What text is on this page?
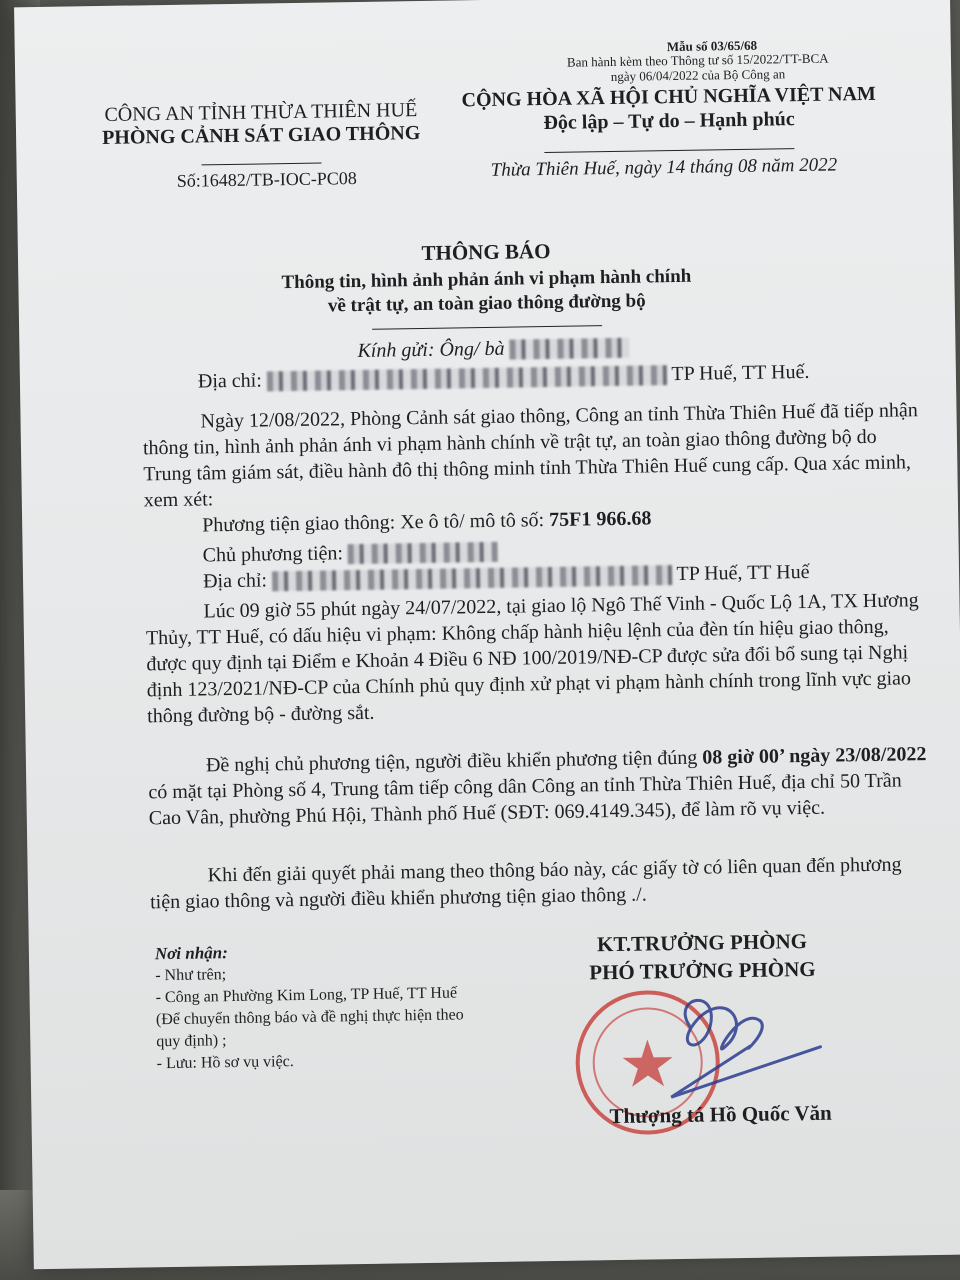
Mẫu số 03/65/68
Ban hành kèm theo Thông tư số 15/2022/TT-BCA
ngày 06/04/2022 của Bộ Công an
CÔNG AN TỈNH THỪA THIÊN HUẾ
PHÒNG CẢNH SÁT GIAO THÔNG
CỘNG HÒA XÃ HỘI CHỦ NGHĨA VIỆT NAM
Độc lập – Tự do – Hạnh phúc
Số:16482/TB-IOC-PC08	Thừa Thiên Huế, ngày 14 tháng 08 năm 2022
THÔNG BÁO
Thông tin, hình ảnh phản ánh vi phạm hành chính
về trật tự, an toàn giao thông đường bộ
Kính gửi: Ông/ bà
Địa chỉ:	TP Huế, TT Huế.
Ngày 12/08/2022, Phòng Cảnh sát giao thông, Công an tỉnh Thừa Thiên Huế đã tiếp nhận thông tin, hình ảnh phản ánh vi phạm hành chính về trật tự, an toàn giao thông đường bộ do Trung tâm giám sát, điều hành đô thị thông minh tỉnh Thừa Thiên Huế cung cấp. Qua xác minh, xem xét:
Phương tiện giao thông: Xe ô tô/ mô tô số: 75F1 966.68
Chủ phương tiện:
Địa chỉ:	TP Huế, TT Huế
Lúc 09 giờ 55 phút ngày 24/07/2022, tại giao lộ Ngô Thế Vinh - Quốc Lộ 1A, TX Hương Thủy, TT Huế, có dấu hiệu vi phạm: Không chấp hành hiệu lệnh của đèn tín hiệu giao thông, được quy định tại Điểm e Khoản 4 Điều 6 NĐ 100/2019/NĐ-CP được sửa đổi bổ sung tại Nghị định 123/2021/NĐ-CP của Chính phủ quy định xử phạt vi phạm hành chính trong lĩnh vực giao thông đường bộ - đường sắt.
Đề nghị chủ phương tiện, người điều khiển phương tiện đúng 08 giờ 00’ ngày 23/08/2022 có mặt tại Phòng số 4, Trung tâm tiếp công dân Công an tỉnh Thừa Thiên Huế, địa chỉ 50 Trần Cao Vân, phường Phú Hội, Thành phố Huế (SĐT: 069.4149.345), để làm rõ vụ việc.
Khi đến giải quyết phải mang theo thông báo này, các giấy tờ có liên quan đến phương tiện giao thông và người điều khiển phương tiện giao thông ./.
Nơi nhận:
- Như trên;
- Công an Phường Kim Long, TP Huế, TT Huế
(Để chuyển thông báo và đề nghị thực hiện theo
quy định) ;
- Lưu: Hồ sơ vụ việc.
KT.TRƯỞNG PHÒNG
PHÓ TRƯỞNG PHÒNG
Thượng tá Hồ Quốc Văn
